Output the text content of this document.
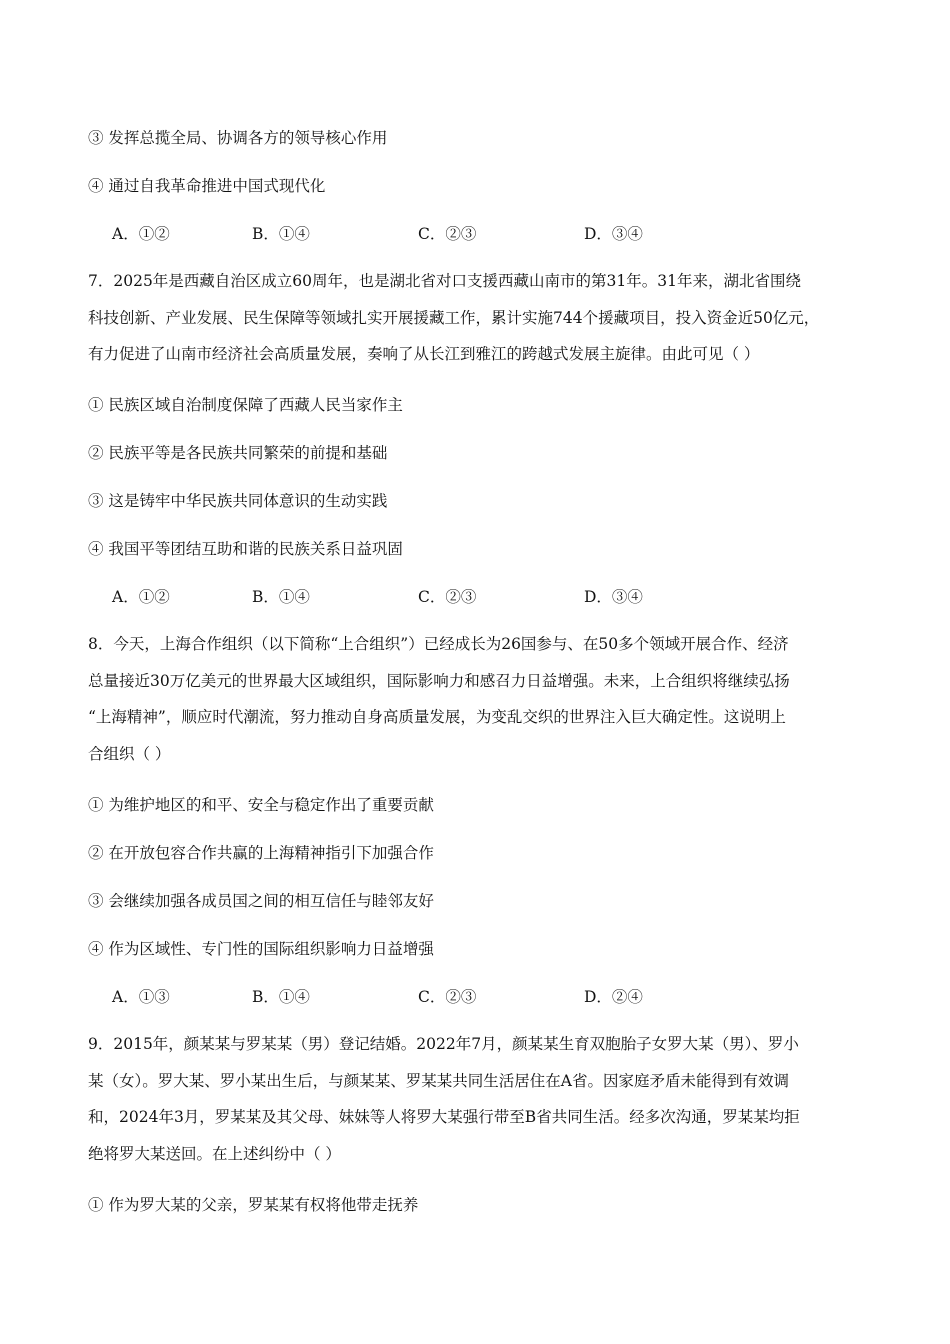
③ 发挥总揽全局、协调各方的领导核心作用
④ 通过自我革命推进中国式现代化
A．①②	B．①④	C．②③	D．③④
7．2025年是西藏自治区成立60周年，也是湖北省对口支援西藏山南市的第31年。31年来，湖北省围绕
科技创新、产业发展、民生保障等领域扎实开展援藏工作，累计实施744个援藏项目，投入资金近50亿元，
有力促进了山南市经济社会高质量发展，奏响了从长江到雅江的跨越式发展主旋律。由此可见（ ）
① 民族区域自治制度保障了西藏人民当家作主
② 民族平等是各民族共同繁荣的前提和基础
③ 这是铸牢中华民族共同体意识的生动实践
④ 我国平等团结互助和谐的民族关系日益巩固
A．①②	B．①④	C．②③	D．③④
8．今天，上海合作组织（以下简称“上合组织”）已经成长为26国参与、在50多个领域开展合作、经济
总量接近30万亿美元的世界最大区域组织，国际影响力和感召力日益增强。未来，上合组织将继续弘扬
“上海精神”，顺应时代潮流，努力推动自身高质量发展，为变乱交织的世界注入巨大确定性。这说明上
合组织（ ）
① 为维护地区的和平、安全与稳定作出了重要贡献
② 在开放包容合作共赢的上海精神指引下加强合作
③ 会继续加强各成员国之间的相互信任与睦邻友好
④ 作为区域性、专门性的国际组织影响力日益增强
A．①③	B．①④	C．②③	D．②④
9．2015年，颜某某与罗某某（男）登记结婚。2022年7月，颜某某生育双胞胎子女罗大某（男）、罗小
某（女）。罗大某、罗小某出生后，与颜某某、罗某某共同生活居住在A省。因家庭矛盾未能得到有效调
和，2024年3月，罗某某及其父母、妹妹等人将罗大某强行带至B省共同生活。经多次沟通，罗某某均拒
绝将罗大某送回。在上述纠纷中（ ）
① 作为罗大某的父亲，罗某某有权将他带走抚养
